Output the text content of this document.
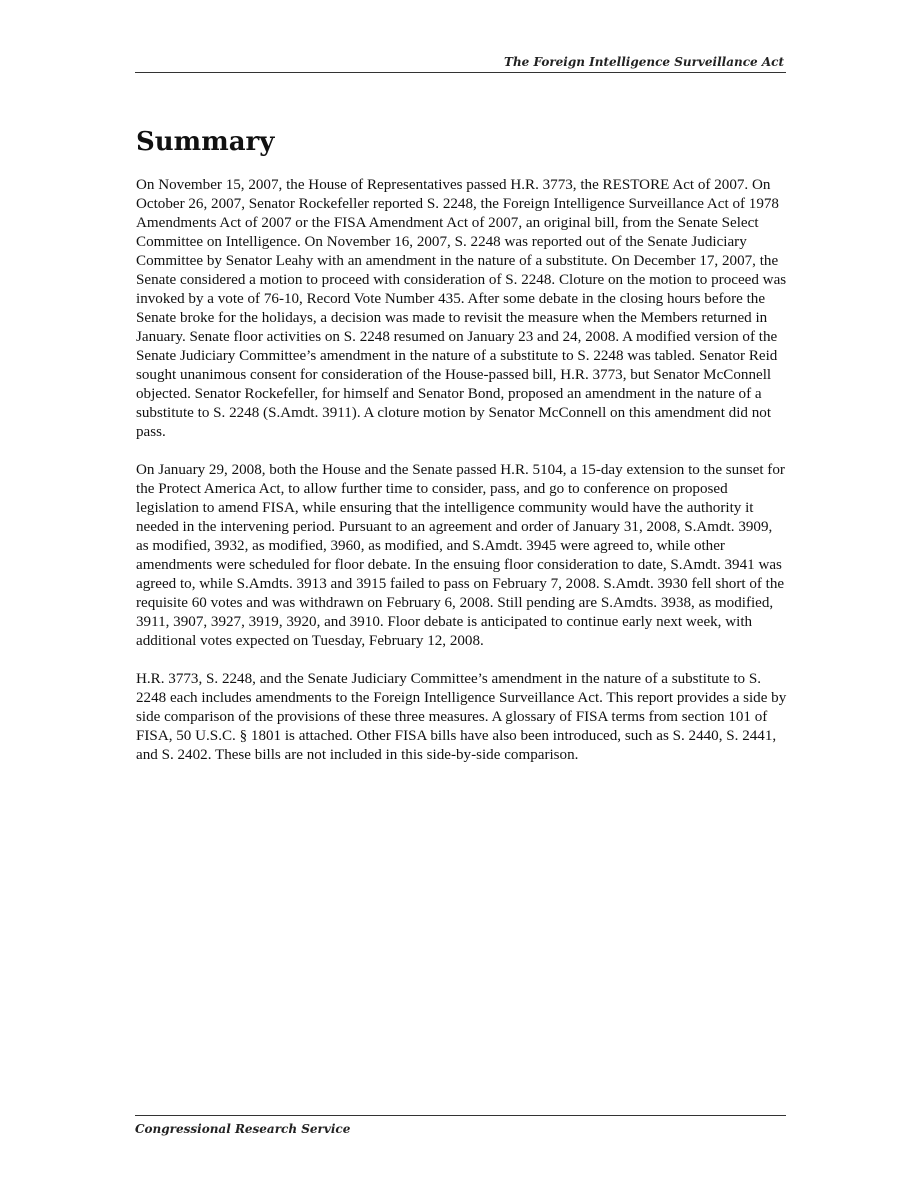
The Foreign Intelligence Surveillance Act
Summary

On November 15, 2007, the House of Representatives passed H.R. 3773, the RESTORE Act of 2007. On October 26, 2007, Senator Rockefeller reported S. 2248, the Foreign Intelligence Surveillance Act of 1978 Amendments Act of 2007 or the FISA Amendment Act of 2007, an original bill, from the Senate Select Committee on Intelligence. On November 16, 2007, S. 2248 was reported out of the Senate Judiciary Committee by Senator Leahy with an amendment in the nature of a substitute. On December 17, 2007, the Senate considered a motion to proceed with consideration of S. 2248. Cloture on the motion to proceed was invoked by a vote of 76-10, Record Vote Number 435. After some debate in the closing hours before the Senate broke for the holidays, a decision was made to revisit the measure when the Members returned in January. Senate floor activities on S. 2248 resumed on January 23 and 24, 2008. A modified version of the Senate Judiciary Committee’s amendment in the nature of a substitute to S. 2248 was tabled. Senator Reid sought unanimous consent for consideration of the House-passed bill, H.R. 3773, but Senator McConnell objected. Senator Rockefeller, for himself and Senator Bond, proposed an amendment in the nature of a substitute to S. 2248 (S.Amdt. 3911). A cloture motion by Senator McConnell on this amendment did not pass.

On January 29, 2008, both the House and the Senate passed H.R. 5104, a 15-day extension to the sunset for the Protect America Act, to allow further time to consider, pass, and go to conference on proposed legislation to amend FISA, while ensuring that the intelligence community would have the authority it needed in the intervening period. Pursuant to an agreement and order of January 31, 2008, S.Amdt. 3909, as modified, 3932, as modified, 3960, as modified, and S.Amdt. 3945 were agreed to, while other amendments were scheduled for floor debate. In the ensuing floor consideration to date, S.Amdt. 3941 was agreed to, while S.Amdts. 3913 and 3915 failed to pass on February 7, 2008. S.Amdt. 3930 fell short of the requisite 60 votes and was withdrawn on February 6, 2008. Still pending are S.Amdts. 3938, as modified, 3911, 3907, 3927, 3919, 3920, and 3910. Floor debate is anticipated to continue early next week, with additional votes expected on Tuesday, February 12, 2008.

H.R. 3773, S. 2248, and the Senate Judiciary Committee’s amendment in the nature of a substitute to S. 2248 each includes amendments to the Foreign Intelligence Surveillance Act. This report provides a side by side comparison of the provisions of these three measures. A glossary of FISA terms from section 101 of FISA, 50 U.S.C. § 1801 is attached. Other FISA bills have also been introduced, such as S. 2440, S. 2441, and S. 2402. These bills are not included in this side-by-side comparison.

Congressional Research Service
